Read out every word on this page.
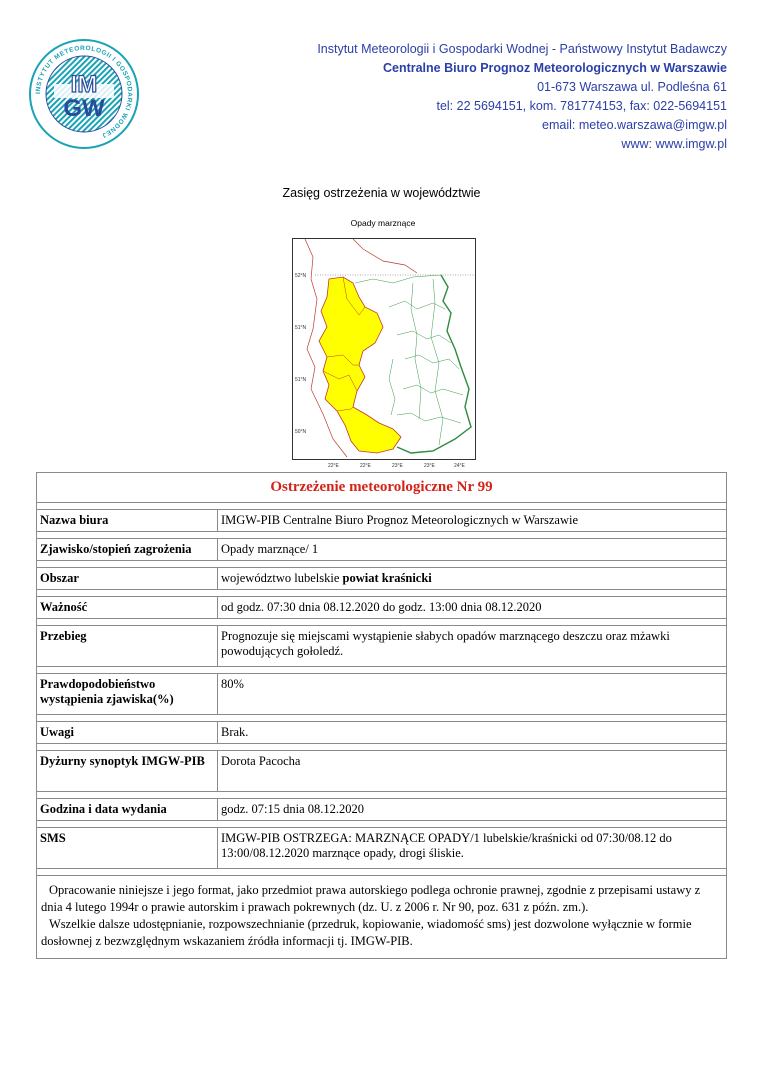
INSTYTUT METEOROLOGII I GOSPODARKI WODNEJ
IM
GW
Instytut Meteorologii i Gospodarki Wodnej - Państwowy Instytut Badawczy
Centralne Biuro Prognoz Meteorologicznych w Warszawie
01-673 Warszawa ul. Podleśna 61
tel: 22 5694151, kom. 781774153, fax: 022-5694151
email: meteo.warszawa@imgw.pl
www: www.imgw.pl
Zasięg ostrzeżenia w województwie
Opady marznące
52°N
51°N
51°N
50°N
22°E	22°E	23°E	23°E	24°E
Ostrzeżenie meteorologiczne Nr 99	

Nazwa biura	IMGW-PIB Centralne Biuro Prognoz Meteorologicznych w Warszawie

Zjawisko/stopień zagrożenia	Opady marznące/ 1

Obszar	województwo lubelskie powiat kraśnicki

Ważność	od godz. 07:30 dnia 08.12.2020 do godz. 13:00 dnia 08.12.2020

Przebieg	Prognozuje się miejscami wystąpienie słabych opadów marznącego deszczu oraz mżawki powodujących gołoledź.

Prawdopodobieństwo wystąpienia zjawiska(%)	80%

Uwagi	Brak.

Dyżurny synoptyk IMGW-PIB	Dorota Pacocha

Godzina i data wydania	godz. 07:15 dnia 08.12.2020

SMS	IMGW-PIB OSTRZEGA: MARZNĄCE OPADY/1 lubelskie/kraśnicki od 07:30/08.12 do 13:00/08.12.2020 marznące opady, drogi śliskie.

Opracowanie niniejsze i jego format, jako przedmiot prawa autorskiego podlega ochronie prawnej, zgodnie z przepisami ustawy z dnia 4 lutego 1994r o prawie autorskim i prawach pokrewnych (dz. U. z 2006 r. Nr 90, poz. 631 z późn. zm.).

Wszelkie dalsze udostępnianie, rozpowszechnianie (przedruk, kopiowanie, wiadomość sms) jest dozwolone wyłącznie w formie dosłownej z bezwzględnym wskazaniem źródła informacji tj. IMGW-PIB.	
